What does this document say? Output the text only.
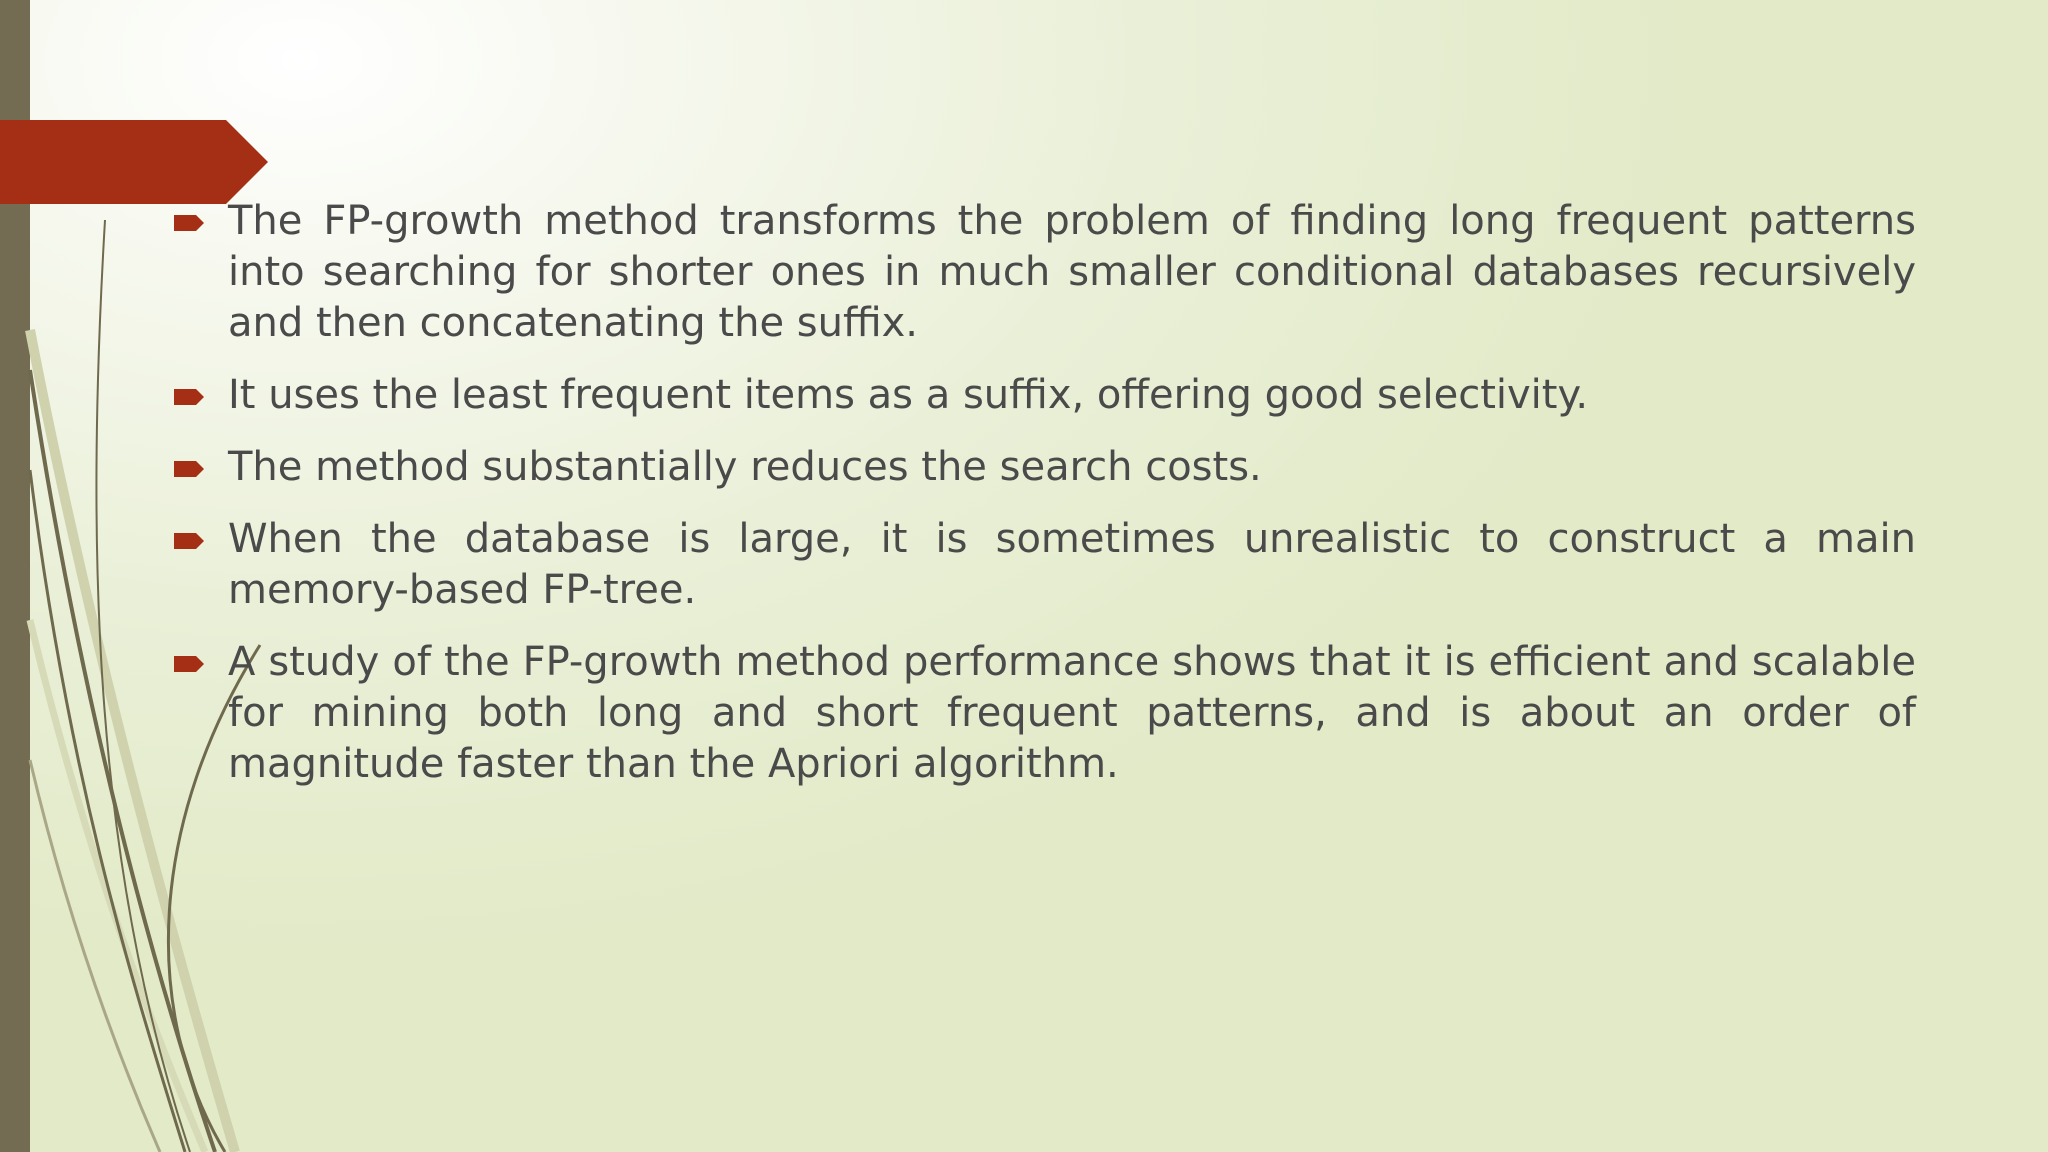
The FP-growth method transforms the problem of finding long frequent patterns into searching for shorter ones in much smaller conditional databases recursively and then concatenating the suffix.
It uses the least frequent items as a suffix, offering good selectivity.
The method substantially reduces the search costs.
When the database is large, it is sometimes unrealistic to construct a main memory-based FP-tree.
A study of the FP-growth method performance shows that it is efficient and scalable for mining both long and short frequent patterns, and is about an order of magnitude faster than the Apriori algorithm.
